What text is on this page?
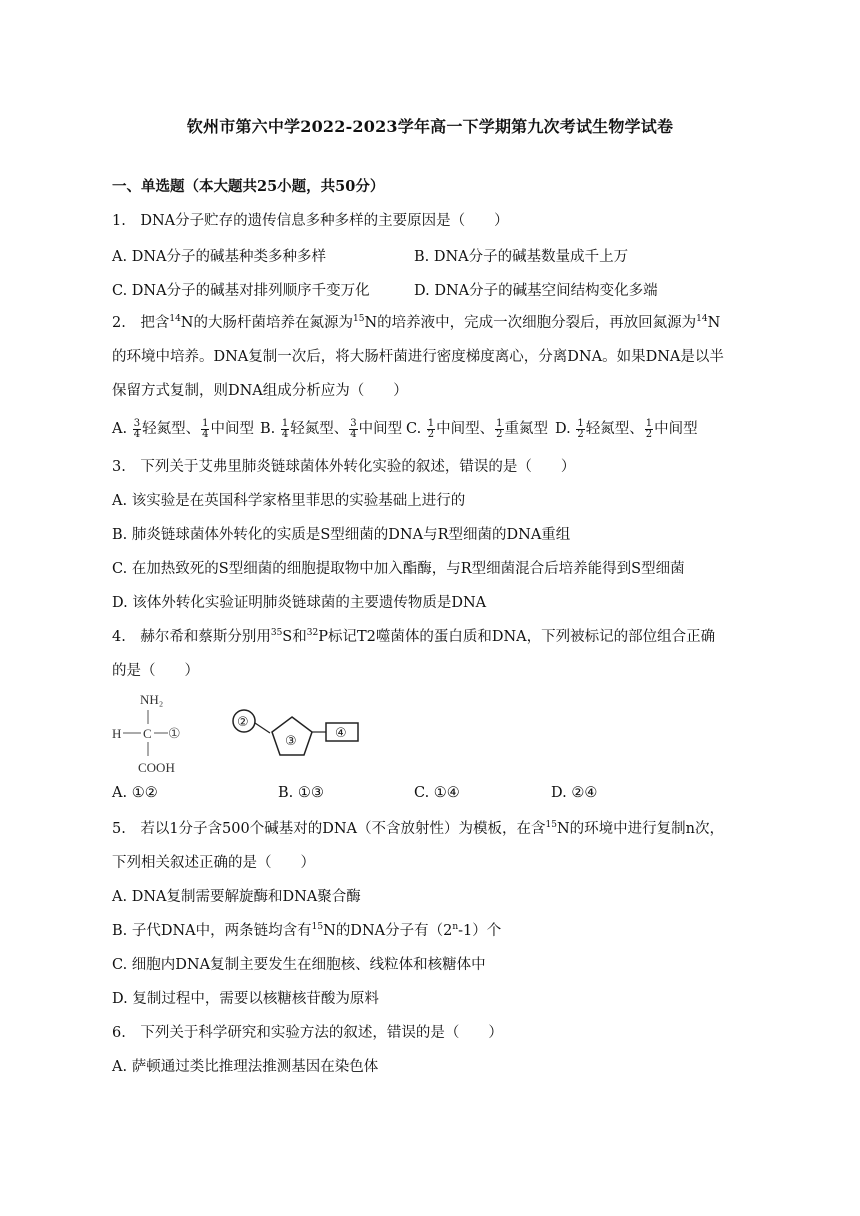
钦州市第六中学2022-2023学年高一下学期第九次考试生物学试卷
一、单选题（本大题共25小题，共50分）
1.　DNA分子贮存的遗传信息多种多样的主要原因是（　　）
A. DNA分子的碱基种类多种多样	B. DNA分子的碱基数量成千上万
C. DNA分子的碱基对排列顺序千变万化	D. DNA分子的碱基空间结构变化多端
2.　把含$^{14}$N的大肠杆菌培养在氮源为$^{15}$N的培养液中，完成一次细胞分裂后，再放回氮源为$^{14}$N
的环境中培养。DNA复制一次后，将大肠杆菌进行密度梯度离心，分离DNA。如果DNA是以半
保留方式复制，则DNA组成分析应为（　　）
A. $\frac{3}{4}$ 轻氮型、 $\frac{1}{4}$ 中间型 B. $\frac{1}{4}$ 轻氮型、 $\frac{3}{4}$ 中间型 C. $\frac{1}{2}$ 中间型、 $\frac{1}{2}$ 重氮型 D. $\frac{1}{2}$ 轻氮型、 $\frac{1}{2}$ 中间型
3.　下列关于艾弗里肺炎链球菌体外转化实验的叙述，错误的是（　　）
A. 该实验是在英国科学家格里菲思的实验基础上进行的
B. 肺炎链球菌体外转化的实质是S型细菌的DNA与R型细菌的DNA重组
C. 在加热致死的S型细菌的细胞提取物中加入酯酶，与R型细菌混合后培养能得到S型细菌
D. 该体外转化实验证明肺炎链球菌的主要遗传物质是DNA
4.　赫尔希和蔡斯分别用$^{35}$S和$^{32}$P标记T2噬菌体的蛋白质和DNA，下列被标记的部位组合正确
的是（　　）
NH₂
H C ①
COOH
②
③
④
A. ①②	B. ①③	C. ①④	D. ②④
5.　若以1分子含500个碱基对的DNA（不含放射性）为模板，在含$^{15}$N的环境中进行复制n次，
下列相关叙述正确的是（　　）
A. DNA复制需要解旋酶和DNA聚合酶
B. 子代DNA中，两条链均含有$^{15}$N的DNA分子有（2$^n$-1）个
C. 细胞内DNA复制主要发生在细胞核、线粒体和核糖体中
D. 复制过程中，需要以核糖核苷酸为原料
6.　下列关于科学研究和实验方法的叙述，错误的是（　　）
A. 萨顿通过类比推理法推测基因在染色体
